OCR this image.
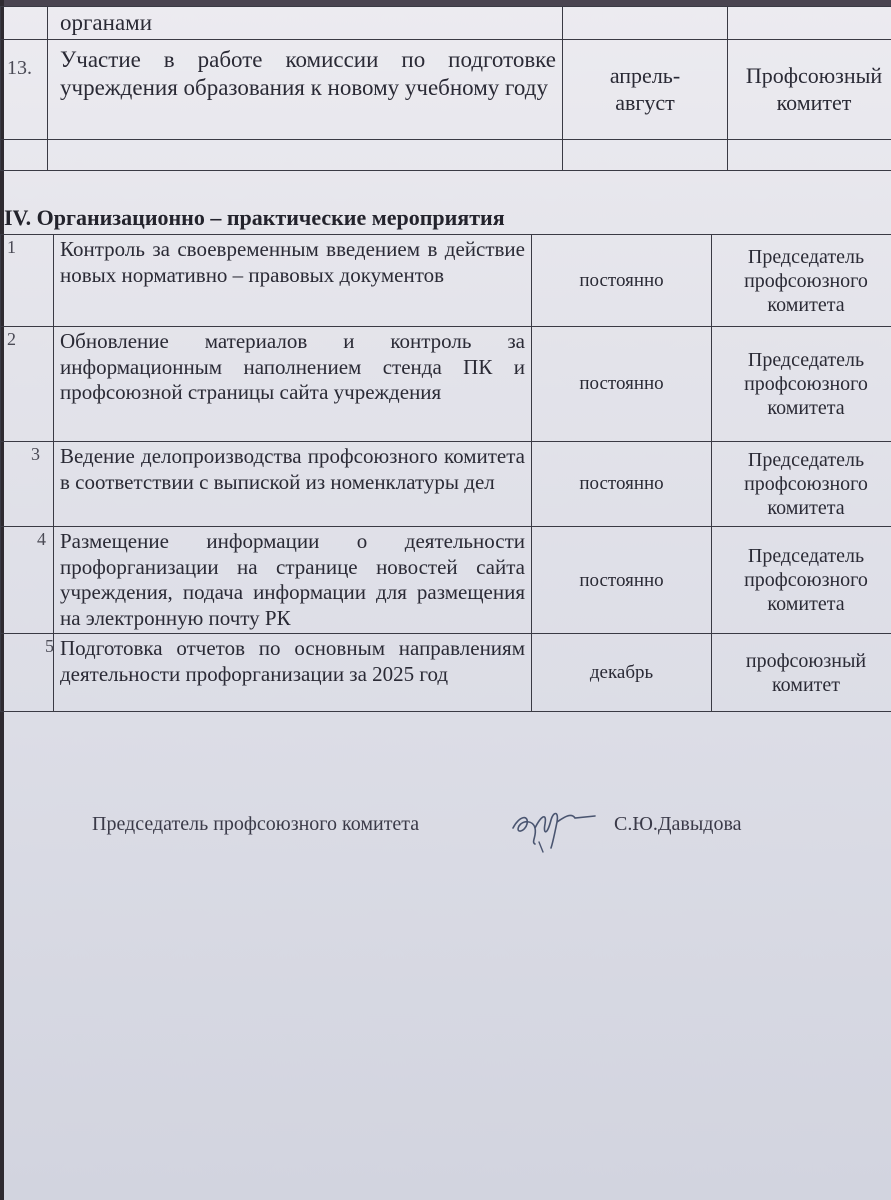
	органами		
13.	Участие в работе комиссии по подготовке учреждения образования к новому учебному году	апрель-август	Профсоюзный комитет

IV. Организационно – практические мероприятия
1	Контроль за своевременным введением в действие новых нормативно – правовых документов	постоянно	Председатель профсоюзного комитета
2	Обновление материалов и контроль за информационным наполнением стенда ПК и профсоюзной страницы сайта учреждения	постоянно	Председатель профсоюзного комитета
3	Ведение делопроизводства профсоюзного комитета в соответствии с выпиской из номенклатуры дел	постоянно	Председатель профсоюзного комитета
4	Размещение информации о деятельности профорганизации на странице новостей сайта учреждения, подача информации для размещения на электронную почту РК	постоянно	Председатель профсоюзного комитета
5	Подготовка отчетов по основным направлениям деятельности профорганизации за 2025 год	декабрь	профсоюзный комитет
Председатель профсоюзного комитета	С.Ю.Давыдова
